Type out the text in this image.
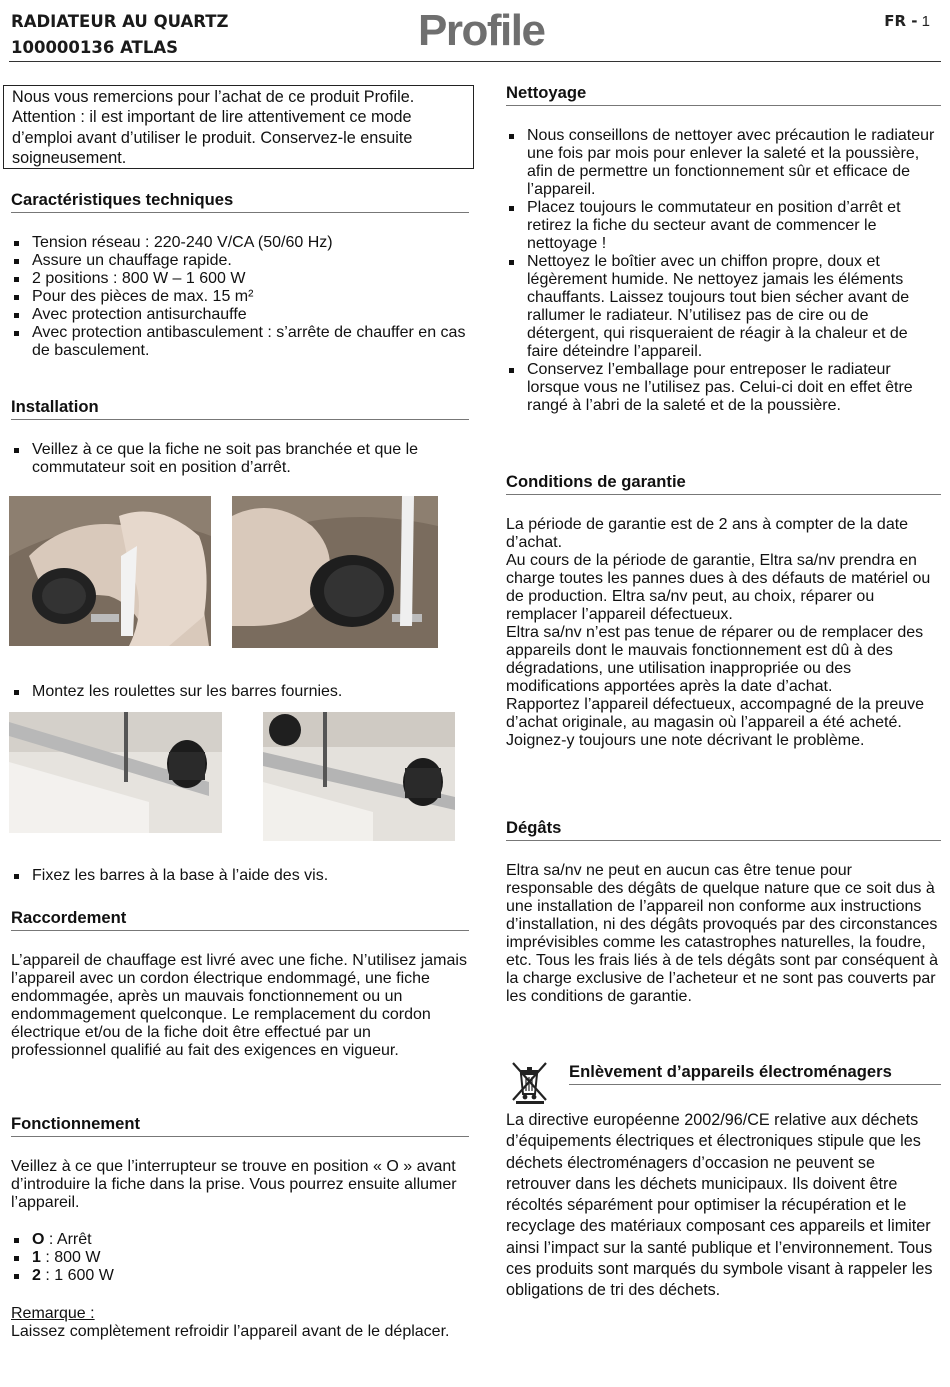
RADIATEUR AU QUARTZ
100000136 ATLAS	Profile	FR - 1
Nous vous remercions pour l’achat de ce produit Profile. Attention : il est important de lire attentivement ce mode d’emploi avant d’utiliser le produit. Conservez-le ensuite soigneusement.
Caractéristiques techniques
Tension réseau : 220-240 V/CA (50/60 Hz)
Assure un chauffage rapide.
2 positions : 800 W – 1 600 W
Pour des pièces de max. 15 m²
Avec protection antisurchauffe
Avec protection antibasculement : s’arrête de chauffer en cas de basculement.
Installation
Veillez à ce que la fiche ne soit pas branchée et que le commutateur soit en position d’arrêt.
Montez les roulettes sur les barres fournies.
Fixez les barres à la base à l’aide des vis.
Raccordement

L’appareil de chauffage est livré avec une fiche. N’utilisez jamais l’appareil avec un cordon électrique endommagé, une fiche endommagée, après un mauvais fonctionnement ou un endommagement quelconque. Le remplacement du cordon électrique et/ou de la fiche doit être effectué par un professionnel qualifié au fait des exigences en vigueur.

Fonctionnement

Veillez à ce que l’interrupteur se trouve en position « O » avant d’introduire la fiche dans la prise. Vous pourrez ensuite allumer l’appareil.

O : Arrêt
1 : 800 W
2 : 1 600 W

Remarque :

Laissez complètement refroidir l’appareil avant de le déplacer.

Nettoyage
Nous conseillons de nettoyer avec précaution le radiateur une fois par mois pour enlever la saleté et la poussière, afin de permettre un fonctionnement sûr et efficace de l’appareil.
Placez toujours le commutateur en position d’arrêt et retirez la fiche du secteur avant de commencer le nettoyage !
Nettoyez le boîtier avec un chiffon propre, doux et légèrement humide. Ne nettoyez jamais les éléments chauffants. Laissez toujours tout bien sécher avant de rallumer le radiateur. N’utilisez pas de cire ou de détergent, qui risqueraient de réagir à la chaleur et de faire déteindre l’appareil.
Conservez l’emballage pour entreposer le radiateur lorsque vous ne l’utilisez pas. Celui-ci doit en effet être rangé à l’abri de la saleté et de la poussière.
Conditions de garantie

La période de garantie est de 2 ans à compter de la date d’achat.

Au cours de la période de garantie, Eltra sa/nv prendra en charge toutes les pannes dues à des défauts de matériel ou de production. Eltra sa/nv peut, au choix, réparer ou remplacer l’appareil défectueux.

Eltra sa/nv n’est pas tenue de réparer ou de remplacer des appareils dont le mauvais fonctionnement est dû à des dégradations, une utilisation inappropriée ou des modifications apportées après la date d’achat.

Rapportez l’appareil défectueux, accompagné de la preuve d’achat originale, au magasin où l’appareil a été acheté.

Joignez-y toujours une note décrivant le problème.

Dégâts

Eltra sa/nv ne peut en aucun cas être tenue pour responsable des dégâts de quelque nature que ce soit dus à une installation de l’appareil non conforme aux instructions d’installation, ni des dégâts provoqués par des circonstances imprévisibles comme les catastrophes naturelles, la foudre, etc. Tous les frais liés à de tels dégâts sont par conséquent à la charge exclusive de l’acheteur et ne sont pas couverts par les conditions de garantie.

Enlèvement d’appareils électroménagers

La directive européenne 2002/96/CE relative aux déchets d’équipements électriques et électroniques stipule que les déchets électroménagers d’occasion ne peuvent se retrouver dans les déchets municipaux. Ils doivent être récoltés séparément pour optimiser la récupération et le recyclage des matériaux composant ces appareils et limiter ainsi l’impact sur la santé publique et l’environnement. Tous ces produits sont marqués du symbole visant à rappeler les obligations de tri des déchets.
